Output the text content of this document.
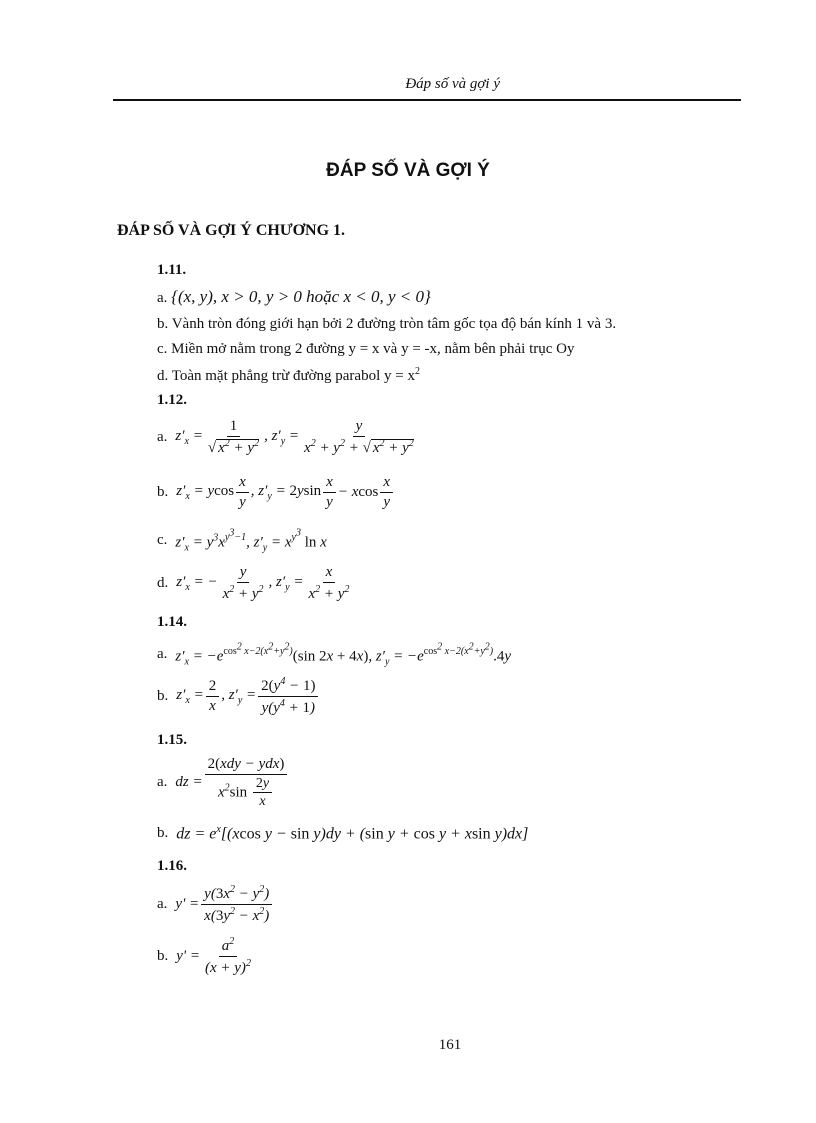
Đáp số và gợi ý
ĐÁP SỐ VÀ GỢI Ý
ĐÁP SỐ VÀ GỢI Ý CHƯƠNG 1.
1.11.
a. {(x, y), x > 0, y > 0 hoặc x < 0, y < 0}
b. Vành tròn đóng giới hạn bởi 2 đường tròn tâm gốc tọa độ bán kính 1 và 3.
c. Miền mở nằm trong 2 đường y = x và y = -x, nằm bên phải trục Oy
d. Toàn mặt phẳng trừ đường parabol $y = x^2$
1.12.
a. $z'_x = \frac{1}{√ x^2 + y^2}$ , $z'_y = \frac{y}{x^2 + y^2 + √ x^2 + y^2}$
b. $z'_x = ycos \frac{x}{y}$ , $z'_y = 2ysin \frac{x}{y} - xcos \frac{x}{y}$
c. $z'_x = y^3x^{y^3-1}$, $z'_y = x^{y^3}$ ln x
d. $z'_x$ = − $\frac{y}{x^2 + y^2}$ , $z'_y = \frac{x}{x^2 + y^2}$
1.14.
a. $z'_x = -e^{cos^2 x-2(x^2+y^2)}(\sin$ 2x + 4x), $z'_y = -e^{cos^2 x-2(x^2+y^2)}.4y$
b. $z'_x = \frac{2}{x}$ , $z'_y = \frac{2(y^4 - 1)}{y(y^4 + 1)}$
1.15.
a. dz = $\frac{\text{2(xdy − ydx)}}{x^2\sin \frac{2y}{x}}$
b. dz = $e^x[(xcos$ y − sin y)dy + (sin y + cos y + xsin y)dx]
1.16.
a. $y' = \frac{y(3x^2 - y^2)}{x(3y^2 - x^2)}$
b. $y' = \frac{a^2}{(x + y)^2}$
161
